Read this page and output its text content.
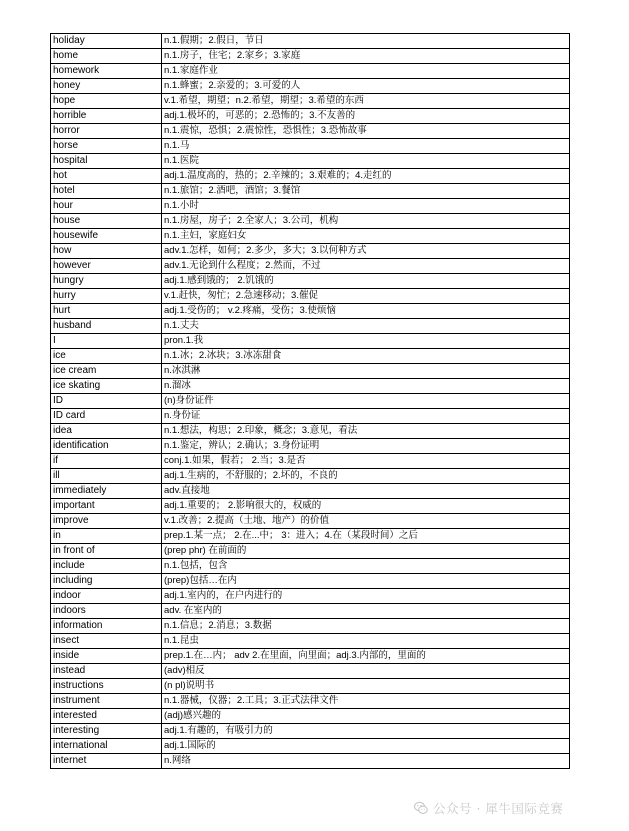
holiday	n.1.假期；2.假日，节日
home	n.1.房子，住宅；2.家乡；3.家庭
homework	n.1.家庭作业
honey	n.1.蜂蜜；2.亲爱的；3.可爱的人
hope	v.1.希望，期望；n.2.希望，期望；3.希望的东西
horrible	adj.1.极坏的，可恶的；2.恐怖的；3.不友善的
horror	n.1.震惊，恐惧；2.震惊性，恐惧性；3.恐怖故事
horse	n.1.马
hospital	n.1.医院
hot	adj.1.温度高的，热的；2.辛辣的；3.艰难的；4.走红的
hotel	n.1.旅馆；2.酒吧，酒馆；3.餐馆
hour	n.1.小时
house	n.1.房屋，房子；2.全家人；3.公司，机构
housewife	n.1.主妇，家庭妇女
how	adv.1.怎样，如何；2.多少，多大；3.以何种方式
however	adv.1.无论到什么程度；2.然而，不过
hungry	adj.1.感到饿的； 2.饥饿的
hurry	v.1.赶快，匆忙；2.急速移动；3.催促
hurt	adj.1.受伤的； v.2.疼痛，受伤；3.使烦恼
husband	n.1.丈夫
I	pron.1.我
ice	n.1.冰；2.冰块；3.冰冻甜食
ice cream	n.冰淇淋
ice skating	n.溜冰
ID	(n)身份证件
ID card	n.身份证
idea	n.1.想法，构思；2.印象，概念；3.意见，看法
identification	n.1.鉴定，辨认；2.确认；3.身份证明
if	conj.1.如果，假若； 2.当；3.是否
ill	adj.1.生病的，不舒服的；2.坏的，不良的
immediately	adv.直接地
important	adj.1.重要的； 2.影响很大的，权威的
improve	v.1.改善；2.提高（土地、地产）的价值
in	prep.1.某一点； 2.在...中； 3：进入；4.在（某段时间）之后
in front of	(prep phr) 在前面的
include	n.1.包括，包含
including	(prep)包括…在内
indoor	adj.1.室内的，在户内进行的
indoors	adv. 在室内的
information	n.1.信息；2.消息；3.数据
insect	n.1.昆虫
inside	prep.1.在…内； adv 2.在里面，向里面；adj.3.内部的，里面的
instead	(adv)相反
instructions	(n pl)说明书
instrument	n.1.器械，仪器；2.工具；3.正式法律文件
interested	(adj)感兴趣的
interesting	adj.1.有趣的，有吸引力的
international	adj.1.国际的
internet	n.网络
公众号 · 犀牛国际竞赛
